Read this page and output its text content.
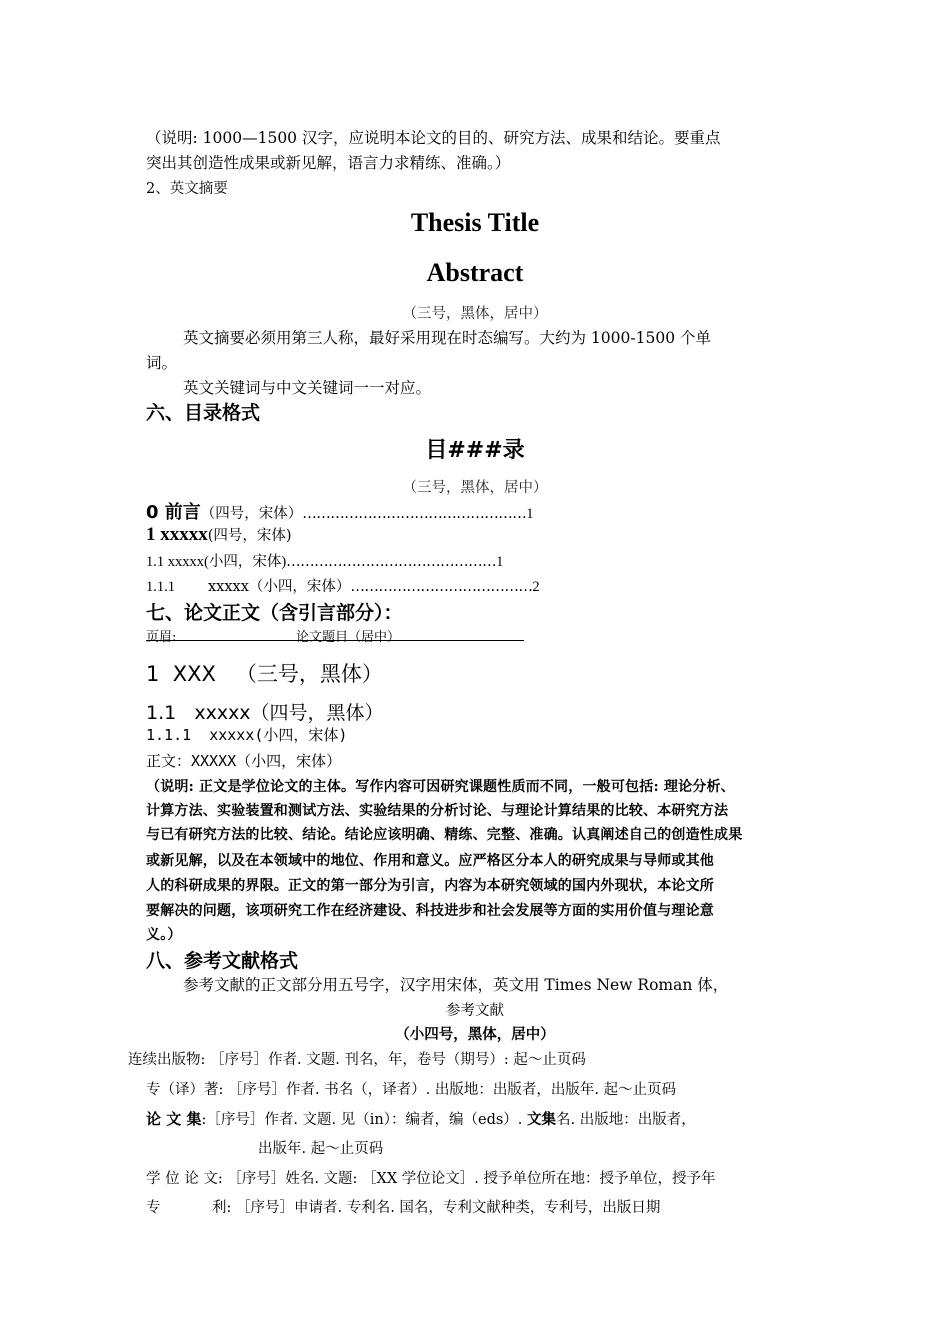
（说明: 1000—1500 汉字，应说明本论文的目的、研究方法、成果和结论。要重点
突出其创造性成果或新见解，语言力求精练、准确。）
2、英文摘要
Thesis Title
Abstract
（三号，黑体，居中）
英文摘要必须用第三人称，最好采用现在时态编写。大约为 1000-1500 个单
词。
英文关键词与中文关键词一一对应。
六、目录格式
目###录
（三号，黑体，居中）
0 前言（四号，宋体）…………………………………………1
1 xxxxx(四号，宋体)
1.1 xxxxx(小四，宋体)………………………………………1
1.1.1 xxxxx（小四，宋体）…………………………………2
七、论文正文（含引言部分）：
页眉:	论文题目（居中）
1  XXX   （三号，黑体）
1.1   xxxxx（四号，黑体）
1.1.1  xxxxx(小四，宋体)
正文：XXXXX（小四，宋体）
（说明: 正文是学位论文的主体。写作内容可因研究课题性质而不同，一般可包括: 理论分析、
计算方法、实验装置和测试方法、实验结果的分析讨论、与理论计算结果的比较、本研究方法
与已有研究方法的比较、结论。结论应该明确、精练、完整、准确。认真阐述自己的创造性成果
或新见解，以及在本领域中的地位、作用和意义。应严格区分本人的研究成果与导师或其他
人的科研成果的界限。正文的第一部分为引言，内容为本研究领域的国内外现状，本论文所
要解决的问题，该项研究工作在经济建设、科技进步和社会发展等方面的实用价值与理论意
义。）
八、参考文献格式
参考文献的正文部分用五号字，汉字用宋体，英文用 Times New Roman 体，
参考文献
（小四号，黑体，居中）
连续出版物: ［序号］作者. 文题. 刊名，年，卷号（期号）: 起～止页码
专（译）著: ［序号］作者. 书名（，译者）. 出版地：出版者，出版年. 起～止页码
论 文 集:［序号］作者. 文题. 见（in）：编者，编（eds）. 文集名. 出版地：出版者，
出版年. 起～止页码
学 位 论 文: ［序号］姓名. 文题: ［XX 学位论文］. 授予单位所在地：授予单位，授予年
专	利: ［序号］申请者. 专利名. 国名，专利文献种类，专利号，出版日期
